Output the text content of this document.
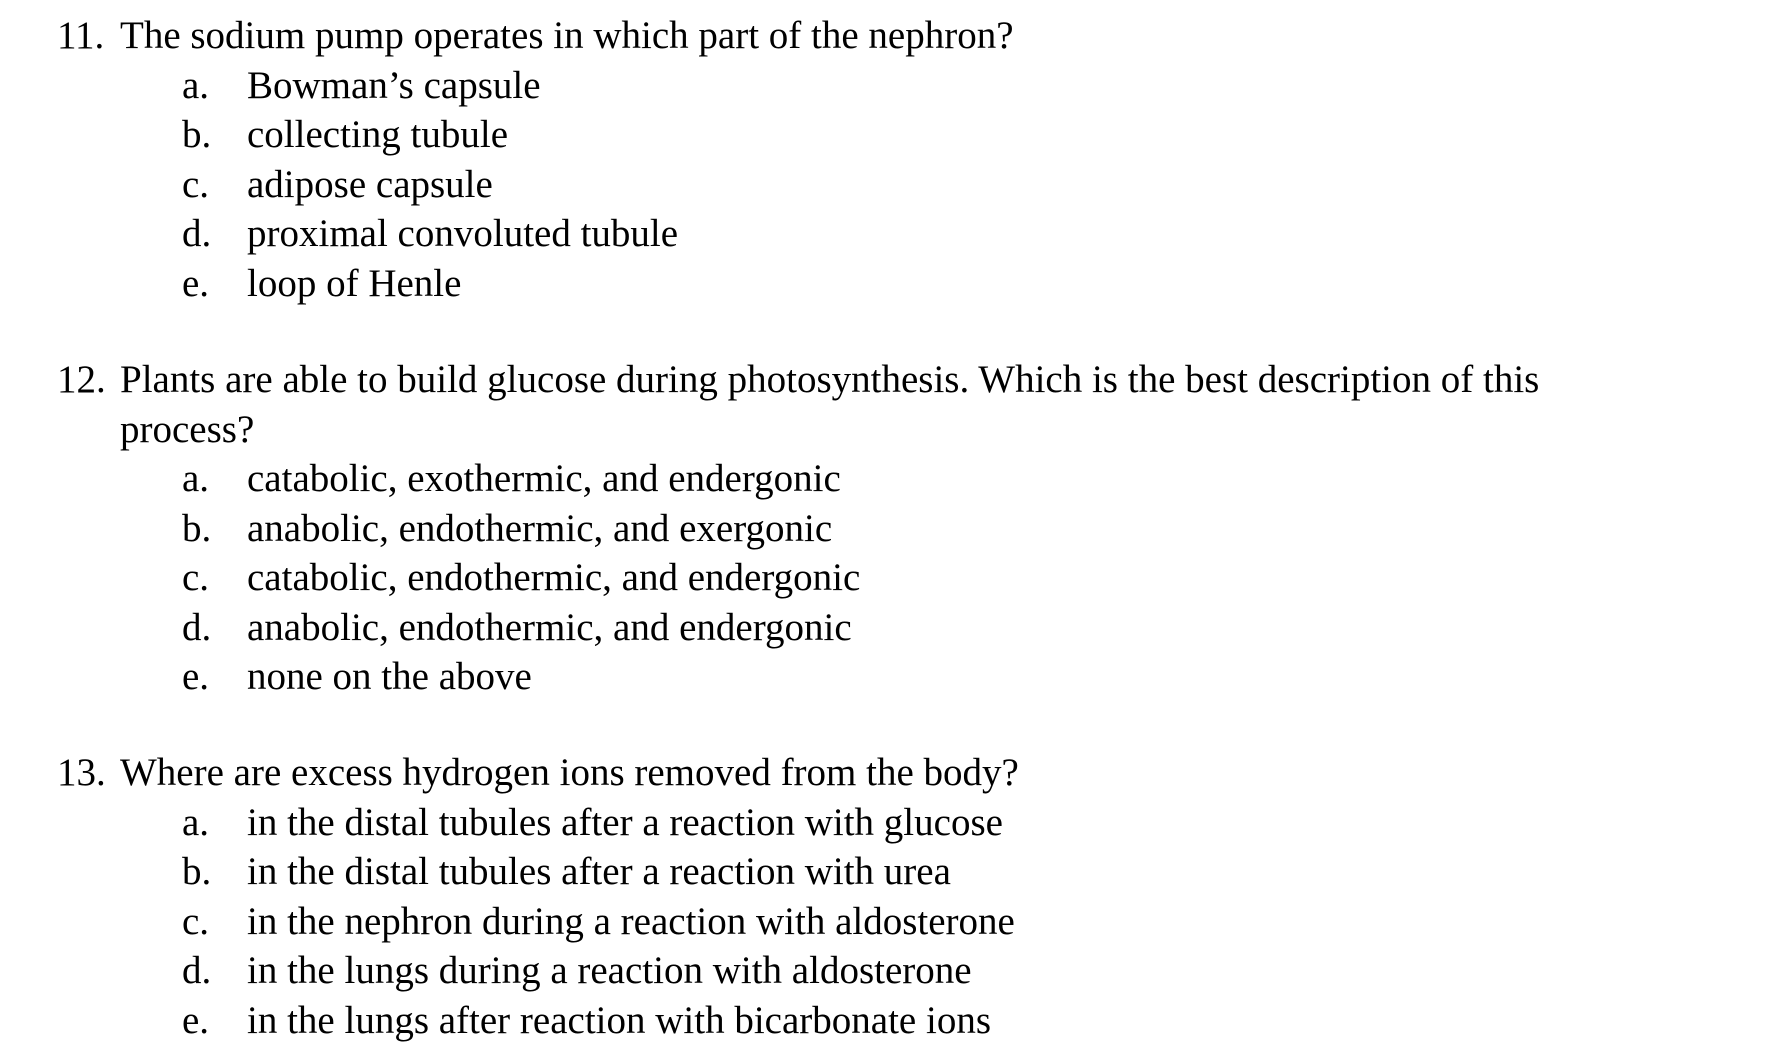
11. The sodium pump operates in which part of the nephron?
a. Bowman’s capsule
b. collecting tubule
c. adipose capsule
d. proximal convoluted tubule
e. loop of Henle
12. Plants are able to build glucose during photosynthesis. Which is the best description of this
process?
a. catabolic, exothermic, and endergonic
b. anabolic, endothermic, and exergonic
c. catabolic, endothermic, and endergonic
d. anabolic, endothermic, and endergonic
e. none on the above
13. Where are excess hydrogen ions removed from the body?
a. in the distal tubules after a reaction with glucose
b. in the distal tubules after a reaction with urea
c. in the nephron during a reaction with aldosterone
d. in the lungs during a reaction with aldosterone
e. in the lungs after reaction with bicarbonate ions
